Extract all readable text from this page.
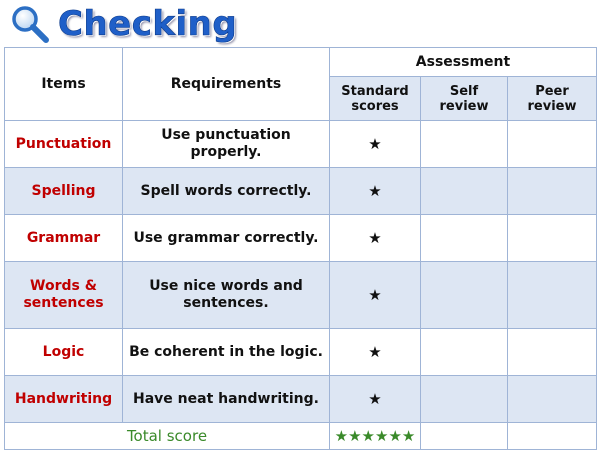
Checking
Items	Requirements	Assessment		
		Standard scores	Self review	Peer review
Punctuation	Use punctuation properly.	★		
Spelling	Spell words correctly.	★		
Grammar	Use grammar correctly.	★		
Words & sentences	Use nice words and sentences.	★		
Logic	Be coherent in the logic.	★		
Handwriting	Have neat handwriting.	★		
Total score		★★★★★★		
